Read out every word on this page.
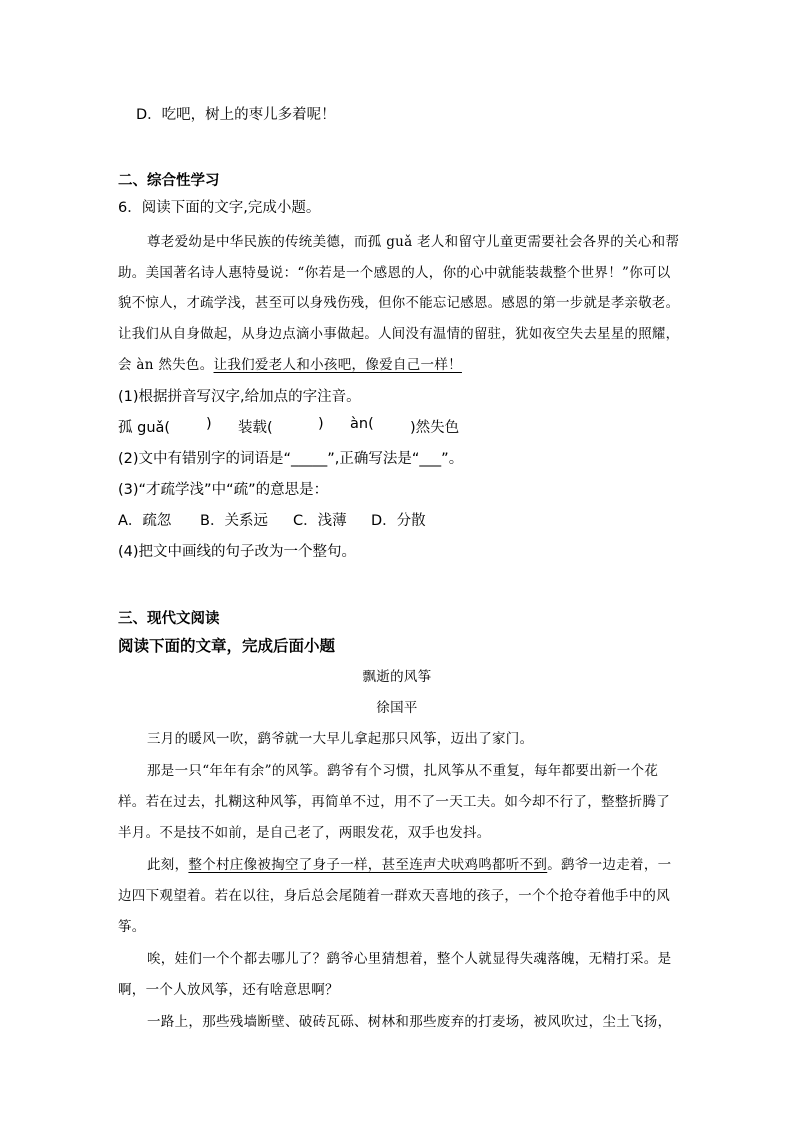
D．吃吧，树上的枣儿多着呢！
二、综合性学习
6．阅读下面的文字,完成小题。
尊老爱幼是中华民族的传统美德，而孤 guǎ 老人和留守儿童更需要社会各界的关心和帮
助。美国著名诗人惠特曼说：“你若是一个感恩的人，你的心中就能装裁整个世界！”你可以
貌不惊人，才疏学浅，甚至可以身残伤残，但你不能忘记感恩。感恩的第一步就是孝亲敬老。
让我们从自身做起，从身边点滴小事做起。人间没有温情的留驻，犹如夜空失去星星的照耀，
会 àn 然失色。让我们爱老人和小孩吧，像爱自己一样！
(1)根据拼音写汉字,给加点的字注音。
孤 guǎ( ) 装载(	) àn(	)然失色
(2)文中有错别字的词语是“_____”,正确写法是“___”。
(3)“才疏学浅”中“疏”的意思是：
A．疏忽 B．关系远 C．浅薄 D．分散
(4)把文中画线的句子改为一个整句。
三、现代文阅读
阅读下面的文章，完成后面小题
飘逝的风筝
徐国平
三月的暖风一吹，鹞爷就一大早儿拿起那只风筝，迈出了家门。
那是一只“年年有余”的风筝。鹞爷有个习惯，扎风筝从不重复，每年都要出新一个花
样。若在过去，扎糊这种风筝，再简单不过，用不了一天工夫。如今却不行了，整整折腾了
半月。不是技不如前，是自己老了，两眼发花，双手也发抖。
此刻，整个村庄像被掏空了身子一样，甚至连声犬吠鸡鸣都听不到。鹞爷一边走着，一
边四下观望着。若在以往，身后总会尾随着一群欢天喜地的孩子，一个个抢夺着他手中的风
筝。
唉，娃们一个个都去哪儿了？鹞爷心里猜想着，整个人就显得失魂落魄，无精打采。是
啊，一个人放风筝，还有啥意思啊？
一路上，那些残墙断壁、破砖瓦砾、树林和那些废弃的打麦场，被风吹过，尘土飞扬，
